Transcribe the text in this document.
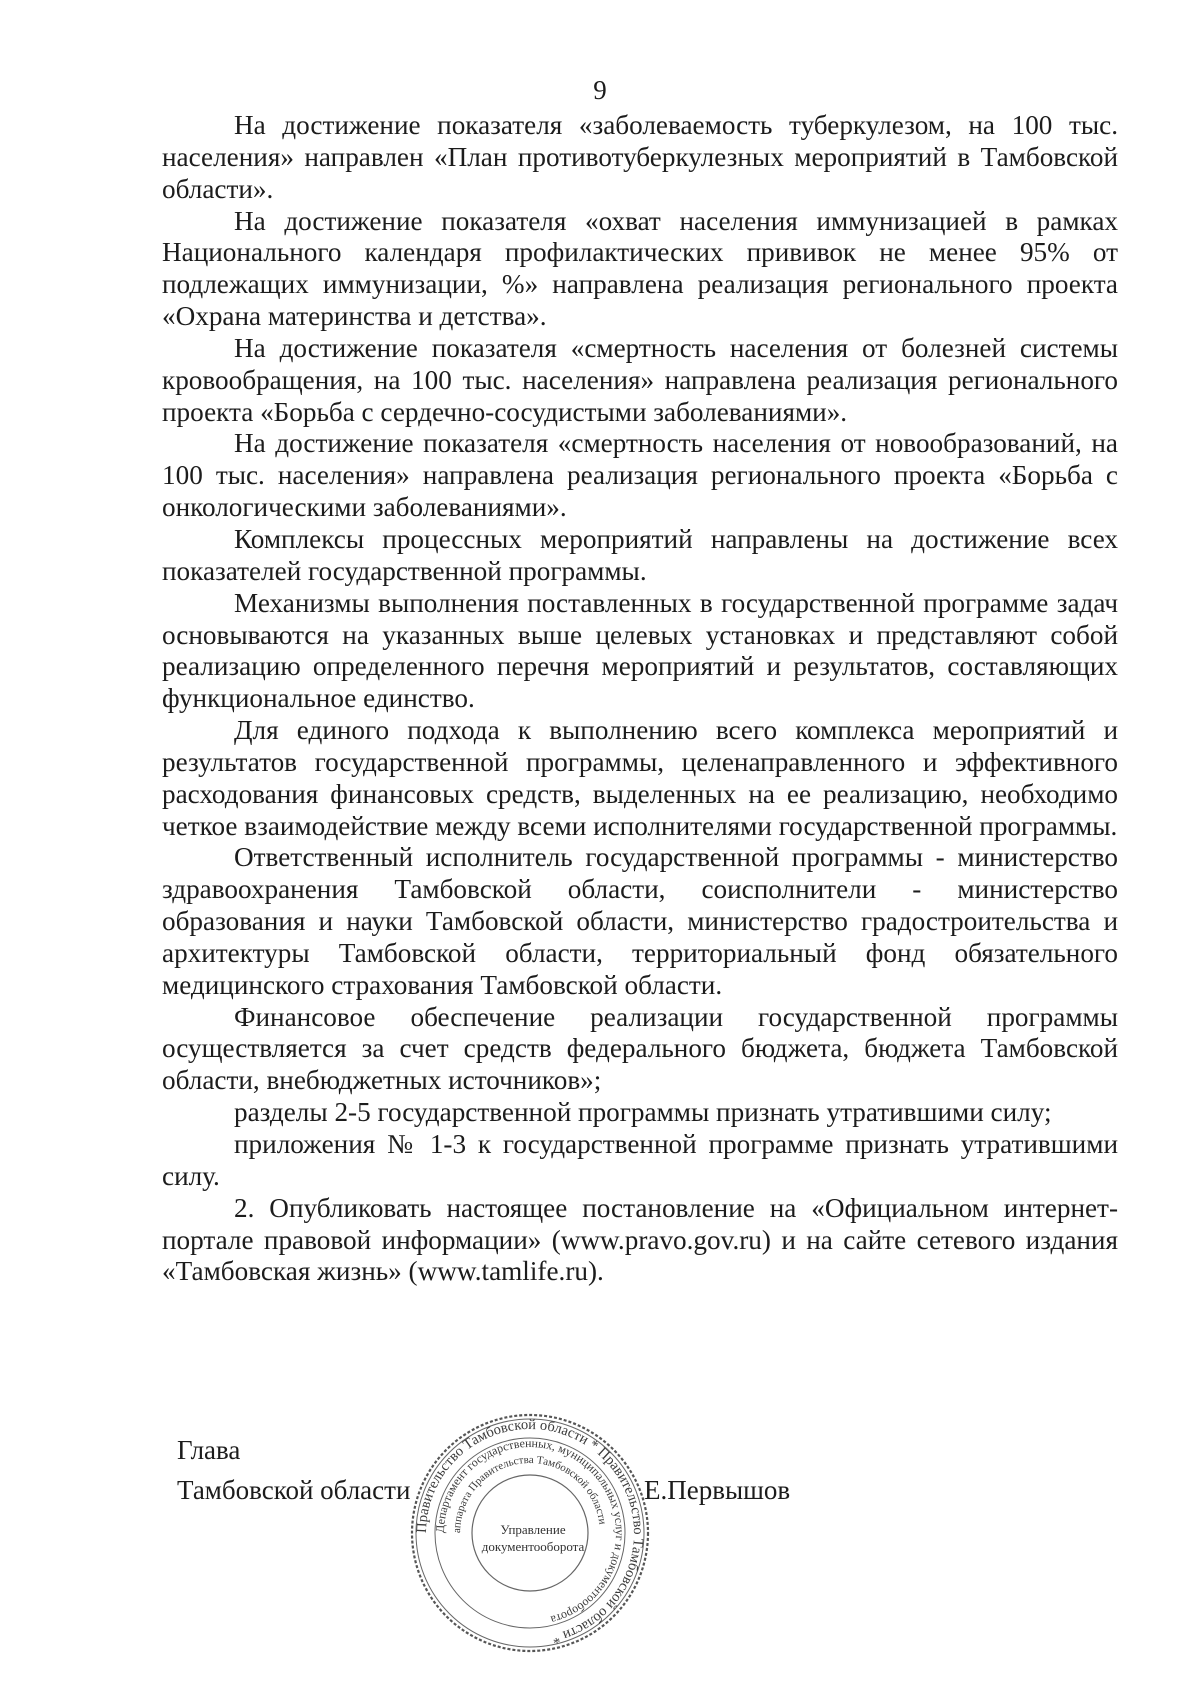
9

На достижение показателя «заболеваемость туберкулезом, на 100 тыс. населения» направлен «План противотуберкулезных мероприятий в Тамбовской области».

На достижение показателя «охват населения иммунизацией в рамках Национального календаря профилактических прививок не менее 95% от подлежащих иммунизации, %» направлена реализация регионального проекта «Охрана материнства и детства».

На достижение показателя «смертность населения от болезней системы кровообращения, на 100 тыс. населения» направлена реализация регионального проекта «Борьба с сердечно-сосудистыми заболеваниями».

На достижение показателя «смертность населения от новообразований, на 100 тыс. населения» направлена реализация регионального проекта «Борьба с онкологическими заболеваниями».

Комплексы процессных мероприятий направлены на достижение всех показателей государственной программы.

Механизмы выполнения поставленных в государственной программе задач основываются на указанных выше целевых установках и представляют собой реализацию определенного перечня мероприятий и результатов, составляющих функциональное единство.

Для единого подхода к выполнению всего комплекса мероприятий и результатов государственной программы, целенаправленного и эффективного расходования финансовых средств, выделенных на ее реализацию, необходимо четкое взаимодействие между всеми исполнителями государственной программы.

Ответственный исполнитель государственной программы - министерство здравоохранения Тамбовской области, соисполнители - министерство образования и науки Тамбовской области, министерство градостроительства и архитектуры Тамбовской области, территориальный фонд обязательного медицинского страхования Тамбовской области.

Финансовое обеспечение реализации государственной программы осуществляется за счет средств федерального бюджета, бюджета Тамбовской области, внебюджетных источников»;

разделы 2-5 государственной программы признать утратившими силу;

приложения № 1-3 к государственной программе признать утратившими силу.

2. Опубликовать настоящее постановление на «Официальном интернет-портале правовой информации» (www.pravo.gov.ru) и на сайте сетевого издания «Тамбовская жизнь» (www.tamlife.ru).

Глава
Тамбовской области	Е.Первышов
Правительство Тамбовской области * Правительство Тамбовской области *
Департамент государственных, муниципальных услуг и документооборота
аппарата Правительства Тамбовской области
Управление
документооборота
